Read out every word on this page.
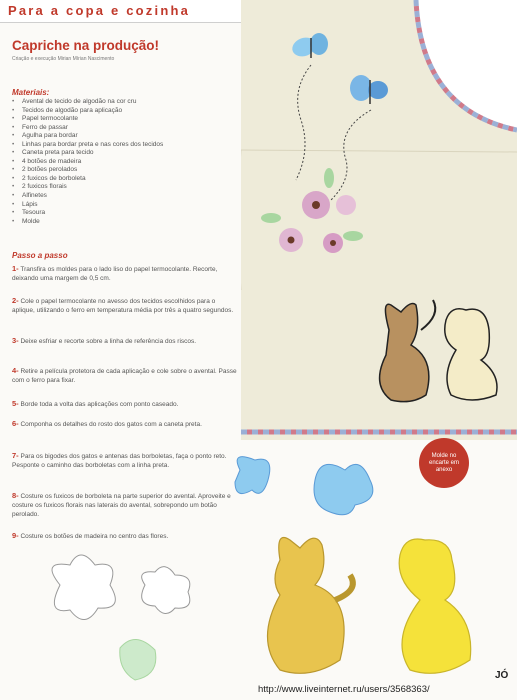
Para a copa e cozinha
Capriche na produção!
Criação e execução Mirian Mírian Nascimento
Materiais:
• Avental de tecido de algodão na cor cru
• Tecidos de algodão para aplicação
• Papel termocolante
• Ferro de passar
• Agulha para bordar
• Linhas para bordar preta e nas cores dos tecidos
• Caneta preta para tecido
• 4 botões de madeira
• 2 botões perolados
• 2 fuxicos de borboleta
• 2 fuxicos florais
• Alfinetes
• Lápis
• Tesoura
• Molde
Passo a passo
1- Transfira os moldes para o lado liso do papel termocolante. Recorte, deixando uma margem de 0,5 cm.
2- Cole o papel termocolante no avesso dos tecidos escolhidos para o aplique, utilizando o ferro em temperatura média por três a quatro segundos.
3- Deixe esfriar e recorte sobre a linha de referência dos riscos.
4- Retire a película protetora de cada aplicação e cole sobre o avental. Passe com o ferro para fixar.
5- Borde toda a volta das aplicações com ponto caseado.
6- Componha os detalhes do rosto dos gatos com a caneta preta.
7- Para os bigodes dos gatos e antenas das borboletas, faça o ponto reto. Pesponte o caminho das borboletas com a linha preta.
8- Costure os fuxicos de borboleta na parte superior do avental. Aproveite e costure os fuxicos florais nas laterais do avental, sobrepondo um botão perolado.
9- Costure os botões de madeira no centro das flores.
Molde no encarte em anexo
JÓ
http://www.liveinternet.ru/users/3568363/
